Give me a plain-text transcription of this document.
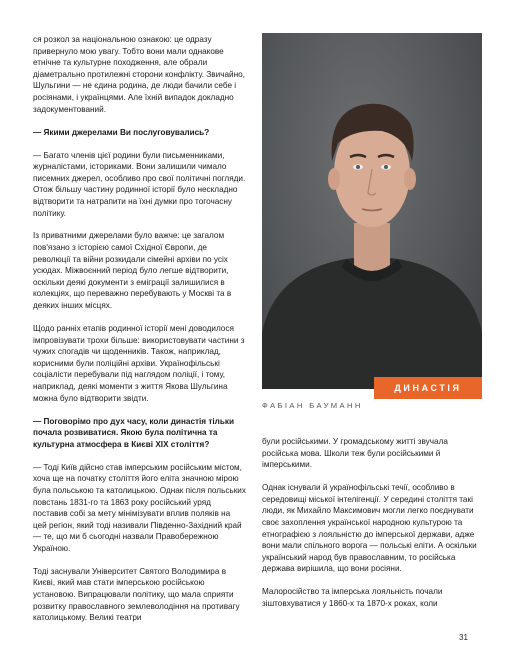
ся розкол за національною ознакою: це одразу привернуло мою увагу. Тобто вони мали однакове етнічне та культурне походження, але обрали діаметрально протилежні сторони конфлікту. Звичайно, Шульгини — не єдина родина, де люди бачили себе і росіянами, і українцями. Але їхній випадок докладно задокументований.

— Якими джерелами Ви послуговувались?

— Багато членів цієї родини були письменниками, журналістами, істориками. Вони залишили чимало писемних джерел, особливо про свої політичні погляди. Отож більшу частину родинної історії було нескладно відтворити та натрапити на їхні думки про тогочасну політику.

Із приватними джерелами було важче: це загалом пов'язано з історією самої Східної Європи, де революції та війни розкидали сімейні архіви по усіх усюдах. Міжвоєнний період було легше відтворити, оскільки деякі документи з еміграції залишилися в колекціях, що переважно перебувають у Москві та в деяких інших місцях.

Щодо ранніх етапів родинної історії мені доводилося імпровізувати трохи більше: використовувати частини з чужих спогадів чи щоденників. Також, наприклад, корисними були поліційні архіви. Українофільські соціалісти перебували під наглядом поліції, і тому, наприклад, деякі моменти з життя Якова Шульгина можна було відтворити звідти.

— Поговорімо про дух часу, коли династія тільки почала розвиватися. Якою була політична та культурна атмосфера в Києві XIX століття?

— Тоді Київ дійсно став імперським російським містом, хоча ще на початку століття його еліта значною мірою була польською та католицькою. Однак після польських повстань 1831-го та 1863 року російський уряд поставив собі за мету мінімізувати вплив поляків на цей регіон, який тоді називали Південно-Західний край — те, що ми б сьогодні назвали Правобережною Україною.

Тоді заснували Університет Святого Володимира в Києві, який мав стати імперською російською установою. Випрацювали політику, що мала сприяти розвитку православного землеволодіння на противагу католицькому. Великі театри

ДИНАСТІЯ
ФАБІАН БАУМАНН

були російськими. У громадському житті звучала російська мова. Школи теж були російськими й імперськими.

Однак існували й українофільські течії, особливо в середовищі міської інтелігенції. У середині століття такі люди, як Михайло Максимович могли легко поєднувати своє захоплення української народною культурою та етнографією з лояльністю до імперської держави, адже вони мали спільного ворога — польські еліти. А оскільки український народ був православним, то російська держава вирішила, що вони росіяни.

Малоросійство та імперська лояльність почали зіштовхуватися у 1860-х та 1870-х роках, коли

31
